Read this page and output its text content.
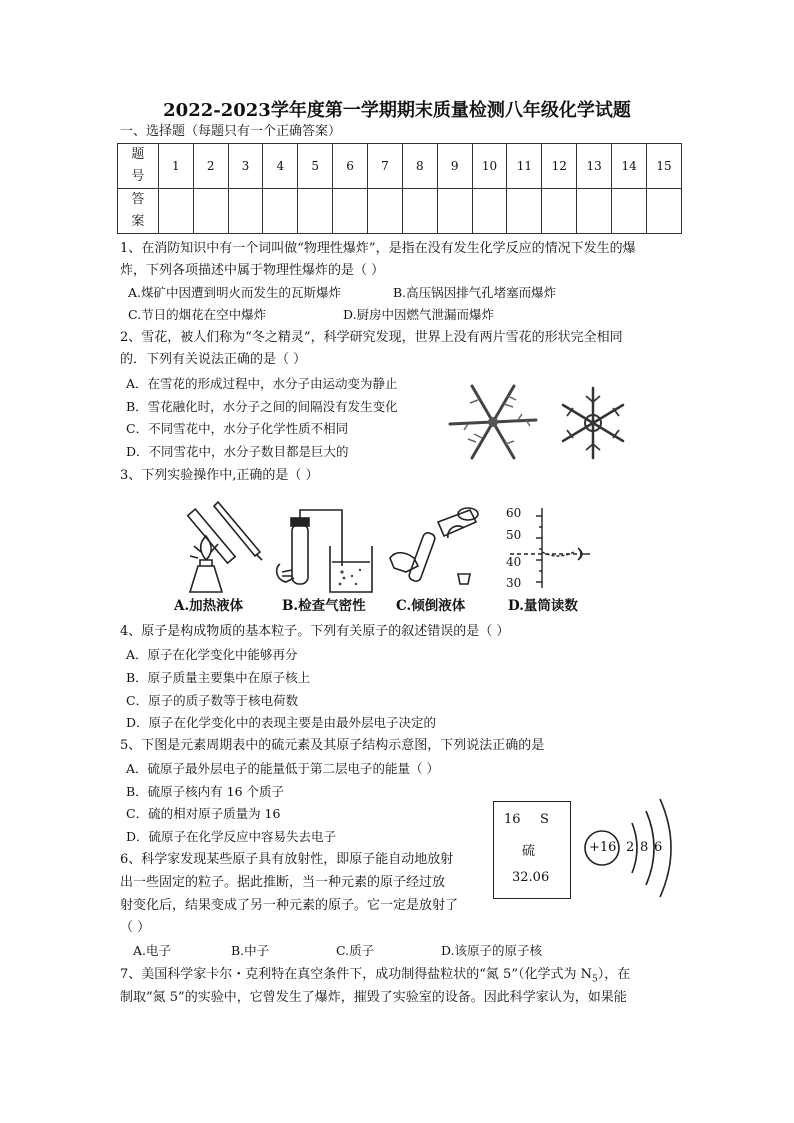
2022-2023学年度第一学期期末质量检测八年级化学试题
一、选择题（每题只有一个正确答案）
题
号	1	2	3	4	5	6	7	8	9	10	11	12	13	14	15
答
案															
1、在消防知识中有一个词叫做“物理性爆炸”，是指在没有发生化学反应的情况下发生的爆
炸，下列各项描述中属于物理性爆炸的是（ ）
A.煤矿中因遭到明火而发生的瓦斯爆炸	B.高压锅因排气孔堵塞而爆炸
C.节日的烟花在空中爆炸	D.厨房中因燃气泄漏而爆炸
2、雪花，被人们称为“冬之精灵”，科学研究发现，世界上没有两片雪花的形状完全相同
的．下列有关说法正确的是（ ）
A．在雪花的形成过程中，水分子由运动变为静止
B．雪花融化时，水分子之间的间隔没有发生变化
C．不同雪花中，水分子化学性质不相同
D．不同雪花中，水分子数目都是巨大的
3、下列实验操作中,正确的是（ ）
60
50
40
30
A.加热液体	B.检查气密性 C.倾倒液体	D.量筒读数
4、原子是构成物质的基本粒子。下列有关原子的叙述错误的是（ ）
A．原子在化学变化中能够再分
B．原子质量主要集中在原子核上
C．原子的质子数等于核电荷数
D．原子在化学变化中的表现主要是由最外层电子决定的
5、下图是元素周期表中的硫元素及其原子结构示意图，下列说法正确的是
A．硫原子最外层电子的能量低于第二层电子的能量（ ）
B．硫原子核内有 16 个质子
C．硫的相对原子质量为 16
D．硫原子在化学反应中容易失去电子
16 S
硫
32.06
+16 2 8 6
6、科学家发现某些原子具有放射性，即原子能自动地放射
出一些固定的粒子。据此推断，当一种元素的原子经过放
射变化后，结果变成了另一种元素的原子。它一定是放射了
（ ）
A.电子	B.中子	C.质子	D.该原子的原子核
7、美国科学家卡尔・克利特在真空条件下，成功制得盐粒状的“氮 5”（化学式为 $N_5$），在
制取“氮 5”的实验中，它曾发生了爆炸，摧毁了实验室的设备。因此科学家认为，如果能
